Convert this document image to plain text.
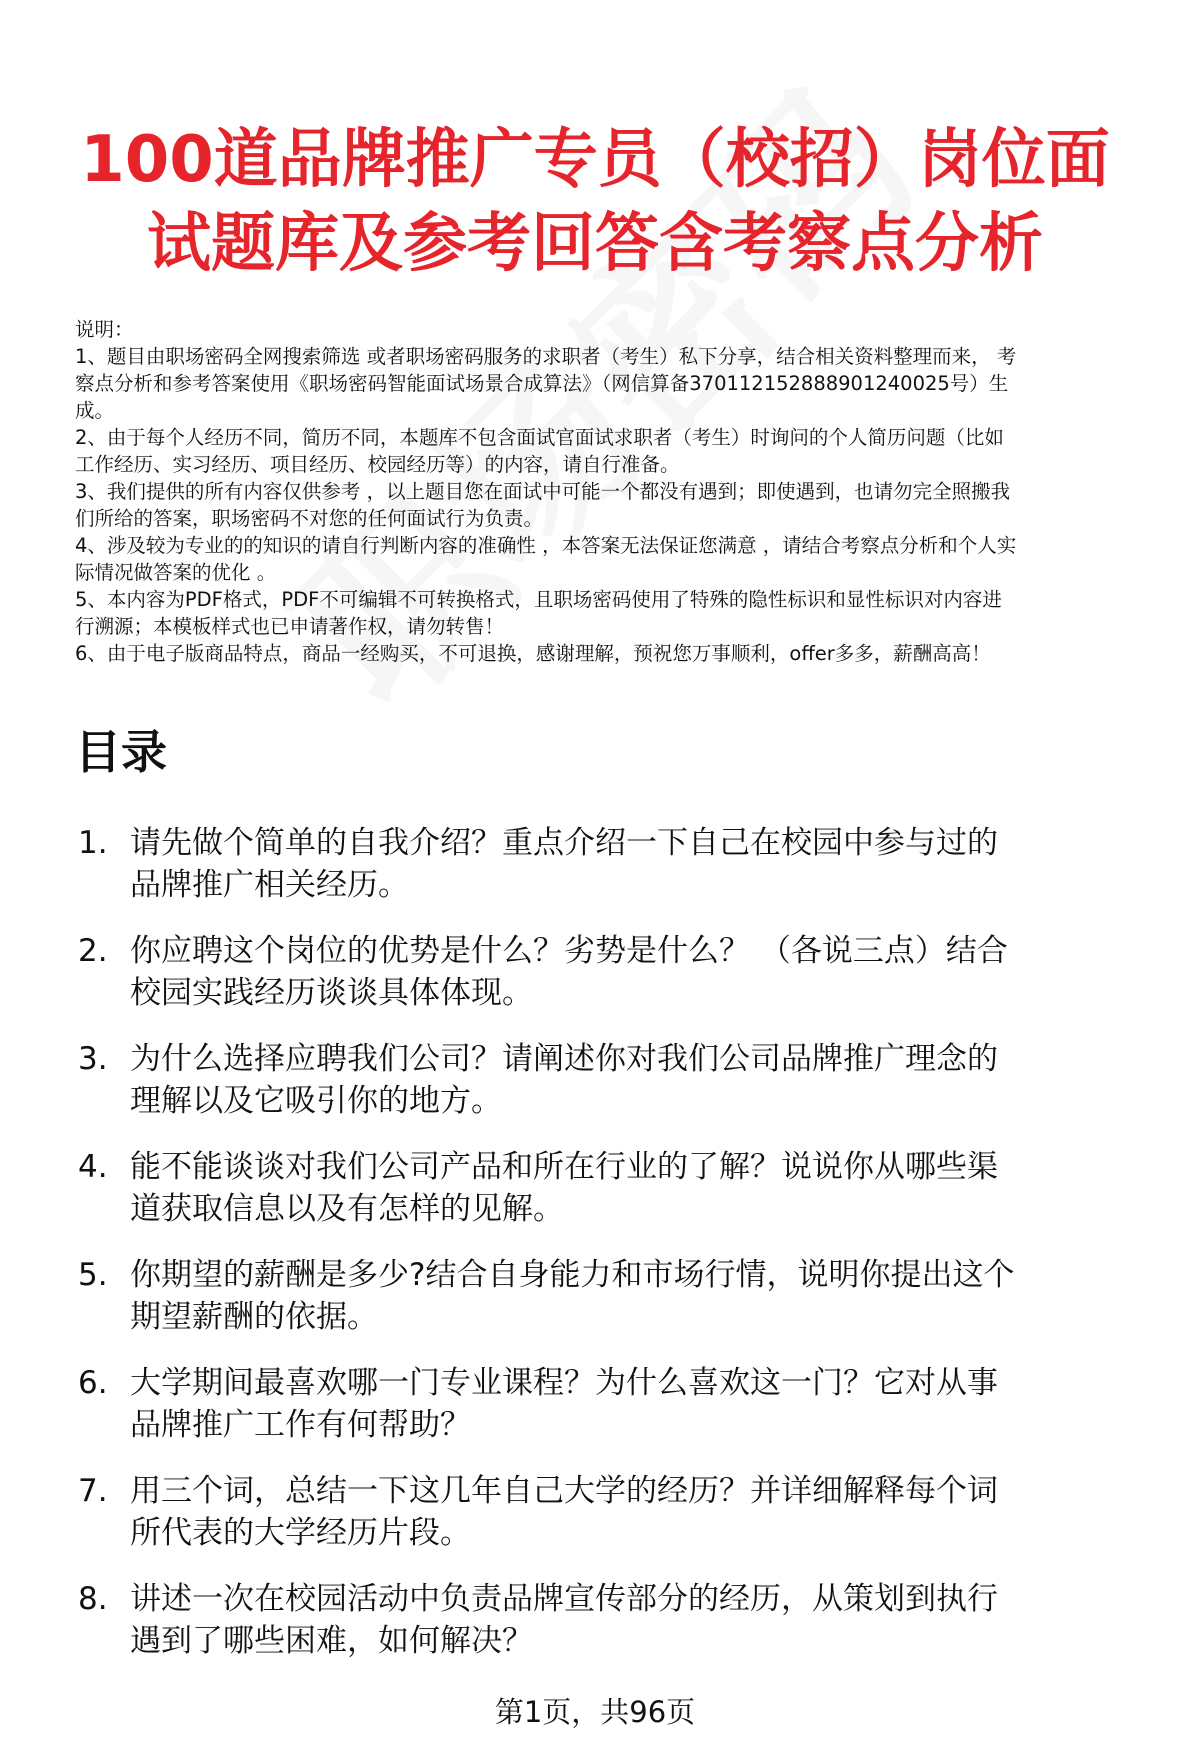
100道品牌推广专员（校招）岗位面
试题库及参考回答含考察点分析
说明：
1、题目由职场密码全网搜索筛选 或者职场密码服务的求职者（考生）私下分享，结合相关资料整理而来， 考
察点分析和参考答案使用《职场密码智能面试场景合成算法》（网信算备370112152888901240025号）生
成。
2、由于每个人经历不同，简历不同，本题库不包含面试官面试求职者（考生）时询问的个人简历问题（比如
工作经历、实习经历、项目经历、校园经历等）的内容，请自行准备。
3、我们提供的所有内容仅供参考 ，以上题目您在面试中可能一个都没有遇到；即使遇到，也请勿完全照搬我
们所给的答案，职场密码不对您的任何面试行为负责。
4、涉及较为专业的的知识的请自行判断内容的准确性 ，本答案无法保证您满意 ，请结合考察点分析和个人实
际情况做答案的优化 。
5、本内容为PDF格式，PDF不可编辑不可转换格式，且职场密码使用了特殊的隐性标识和显性标识对内容进
行溯源；本模板样式也已申请著作权，请勿转售！
6、由于电子版商品特点，商品一经购买，不可退换，感谢理解，预祝您万事顺利，offer多多，薪酬高高！
目录
1. 请先做个简单的自我介绍？重点介绍一下自己在校园中参与过的
品牌推广相关经历。
2. 你应聘这个岗位的优势是什么？劣势是什么？ （各说三点）结合
校园实践经历谈谈具体体现。
3. 为什么选择应聘我们公司？请阐述你对我们公司品牌推广理念的
理解以及它吸引你的地方。
4. 能不能谈谈对我们公司产品和所在行业的了解？说说你从哪些渠
道获取信息以及有怎样的见解。
5. 你期望的薪酬是多少?结合自身能力和市场行情，说明你提出这个
期望薪酬的依据。
6. 大学期间最喜欢哪一门专业课程？为什么喜欢这一门？它对从事
品牌推广工作有何帮助？
7. 用三个词，总结一下这几年自己大学的经历？并详细解释每个词
所代表的大学经历片段。
8. 讲述一次在校园活动中负责品牌宣传部分的经历，从策划到执行
遇到了哪些困难，如何解决？
第1页，共96页
